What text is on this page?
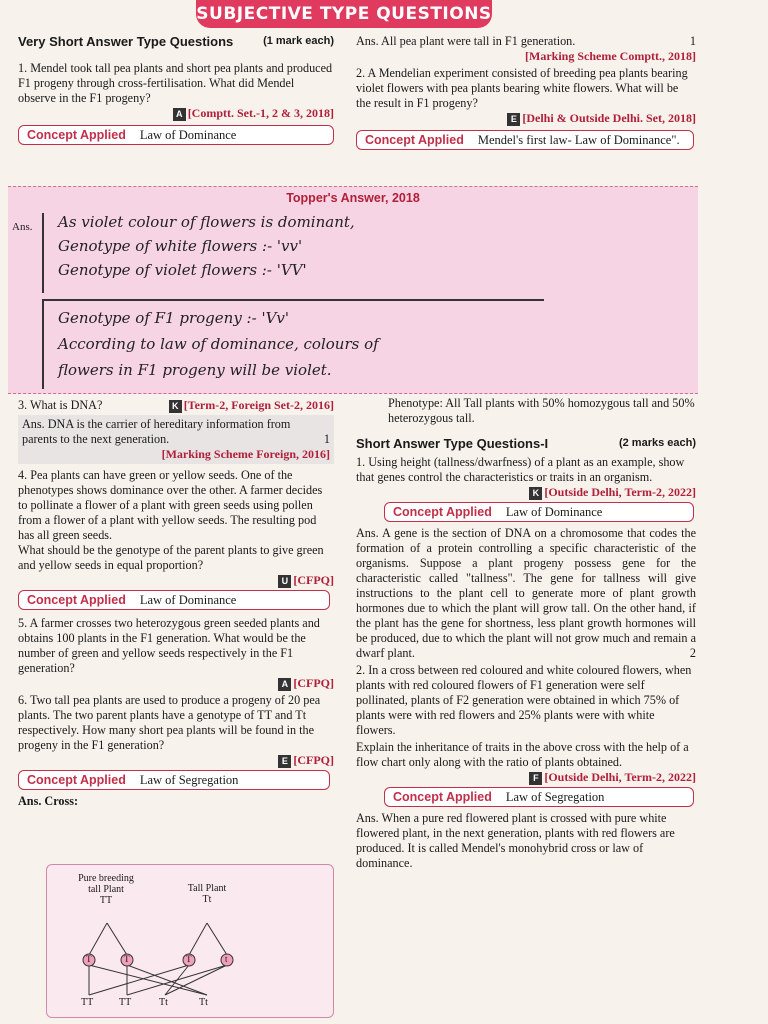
SUBJECTIVE TYPE QUESTIONS
Very Short Answer Type Questions	(1 mark each)

1. Mendel took tall pea plants and short pea plants and produced F1 progeny through cross-fertilisation. What did Mendel observe in the F1 progeny?

A [Comptt. Set.-1, 2 & 3, 2018]
Concept Applied	Law of Dominance
Ans. All pea plant were tall in F1 generation.	1
[Marking Scheme Comptt., 2018]

2. A Mendelian experiment consisted of breeding pea plants bearing violet flowers with pea plants bearing white flowers. What will be the result in F1 progeny?

E [Delhi & Outside Delhi. Set, 2018]
Concept Applied	Mendel's first law- Law of Dominance".
Topper's Answer, 2018
Ans. As violet colour of flowers is dominant,
Genotype of white flowers :- 'vv'
Genotype of violet flowers :- 'VV'
Genotype of F1 progeny :- 'Vv'
According to law of dominance, colours of
flowers in F1 progeny will be violet.
3. What is DNA?	K [Term-2, Foreign Set-2, 2016]
Ans. DNA is the carrier of hereditary information from parents to the next generation.	1
[Marking Scheme Foreign, 2016]

4. Pea plants can have green or yellow seeds. One of the phenotypes shows dominance over the other. A farmer decides to pollinate a flower of a plant with green seeds using pollen from a flower of a plant with yellow seeds. The resulting pod has all green seeds.

What should be the genotype of the parent plants to give green and yellow seeds in equal proportion?

U [CFPQ]
Concept Applied	Law of Dominance

5. A farmer crosses two heterozygous green seeded plants and obtains 100 plants in the F1 generation. What would be the number of green and yellow seeds respectively in the F1 generation?

A [CFPQ]

6. Two tall pea plants are used to produce a progeny of 20 pea plants. The two parent plants have a genotype of TT and Tt respectively. How many short pea plants will be found in the progeny in the F1 generation?

E [CFPQ]
Concept Applied	Law of Segregation
Ans. Cross:
Pure breeding tall Plant
TT
Tall Plant
Tt
T	T	T	t
TT	TT	Tt	Tt

Phenotype: All Tall plants with 50% homozygous tall and 50% heterozygous tall.

Short Answer Type Questions-I	(2 marks each)

1. Using height (tallness/dwarfness) of a plant as an example, show that genes control the characteristics or traits in an organism.

K [Outside Delhi, Term-2, 2022]
Concept Applied	Law of Dominance

Ans. A gene is the section of DNA on a chromosome that codes the formation of a protein controlling a specific characteristic of the organisms. Suppose a plant progeny possess gene for the characteristic called "tallness". The gene for tallness will give instructions to the plant cell to generate more of plant growth hormones due to which the plant will grow tall. On the other hand, if the plant has the gene for shortness, less plant growth hormones will be produced, due to which the plant will not grow much and remain a dwarf plant.	2

2. In a cross between red coloured and white coloured flowers, when plants with red coloured flowers of F1 generation were self pollinated, plants of F2 generation were obtained in which 75% of plants were with red flowers and 25% plants were with white flowers.

Explain the inheritance of traits in the above cross with the help of a flow chart only along with the ratio of plants obtained.

F [Outside Delhi, Term-2, 2022]
Concept Applied	Law of Segregation

Ans. When a pure red flowered plant is crossed with pure white flowered plant, in the next generation, plants with red flowers are produced. It is called Mendel's monohybrid cross or law of dominance.
